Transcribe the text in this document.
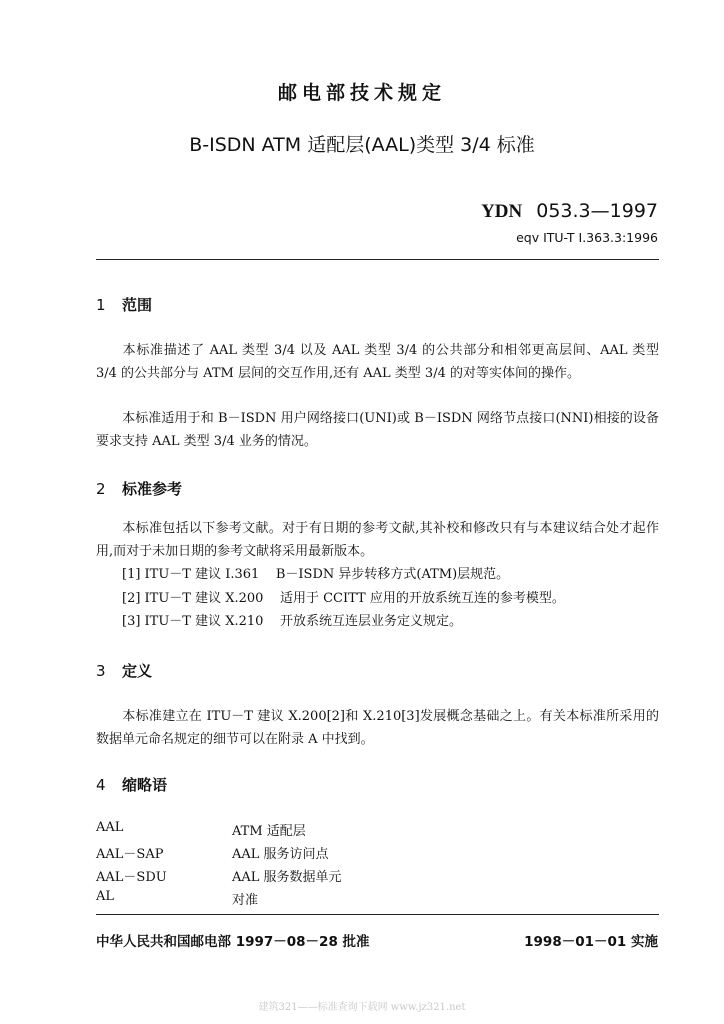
邮电部技术规定
B-ISDN ATM 适配层(AAL)类型 3/4 标准
YDN 053.3—1997
eqv ITU-T I.363.3:1996
1 范围
本标准描述了 AAL 类型 3/4 以及 AAL 类型 3/4 的公共部分和相邻更高层间、AAL 类型 3/4 的公共部分与 ATM 层间的交互作用,还有 AAL 类型 3/4 的对等实体间的操作。
本标准适用于和 B－ISDN 用户网络接口(UNI)或 B－ISDN 网络节点接口(NNI)相接的设备要求支持 AAL 类型 3/4 业务的情况。
2 标准参考
本标准包括以下参考文献。对于有日期的参考文献,其补校和修改只有与本建议结合处才起作用,而对于未加日期的参考文献将采用最新版本。
[1] ITU－T 建议 I.361    B－ISDN 异步转移方式(ATM)层规范。
[2] ITU－T 建议 X.200    适用于 CCITT 应用的开放系统互连的参考模型。
[3] ITU－T 建议 X.210    开放系统互连层业务定义规定。
3 定义
本标准建立在 ITU－T 建议 X.200[2]和 X.210[3]发展概念基础之上。有关本标准所采用的数据单元命名规定的细节可以在附录 A 中找到。
4 缩略语
AAL	ATM 适配层
AAL－SAP	AAL 服务访问点
AAL－SDU	AAL 服务数据单元
AL	对准
中华人民共和国邮电部 1997－08－28 批准	1998－01－01 实施
建筑321——标准查询下载网 www.jz321.net
